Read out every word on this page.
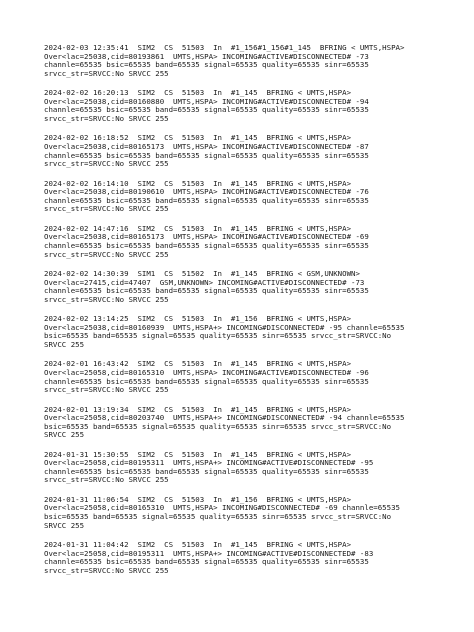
2024-02-03 12:35:41  SIM2  CS  51503  In  #1_156#1_156#1_145  BFRING < UMTS,HSPA>
Over<lac=25038,cid=80193861  UMTS,HSPA> INCOMING#ACTIVE#DISCONNECTED# -73
channle=65535 bsic=65535 band=65535 signal=65535 quality=65535 sinr=65535
srvcc_str=SRVCC:No SRVCC 255
2024-02-02 16:20:13  SIM2  CS  51503  In  #1_145  BFRING < UMTS,HSPA>
Over<lac=25038,cid=80160880  UMTS,HSPA> INCOMING#ACTIVE#DISCONNECTED# -94
channle=65535 bsic=65535 band=65535 signal=65535 quality=65535 sinr=65535
srvcc_str=SRVCC:No SRVCC 255
2024-02-02 16:18:52  SIM2  CS  51503  In  #1_145  BFRING < UMTS,HSPA>
Over<lac=25038,cid=80165173  UMTS,HSPA> INCOMING#ACTIVE#DISCONNECTED# -87
channle=65535 bsic=65535 band=65535 signal=65535 quality=65535 sinr=65535
srvcc_str=SRVCC:No SRVCC 255
2024-02-02 16:14:10  SIM2  CS  51503  In  #1_145  BFRING < UMTS,HSPA>
Over<lac=25038,cid=80190610  UMTS,HSPA> INCOMING#ACTIVE#DISCONNECTED# -76
channle=65535 bsic=65535 band=65535 signal=65535 quality=65535 sinr=65535
srvcc_str=SRVCC:No SRVCC 255
2024-02-02 14:47:16  SIM2  CS  51503  In  #1_145  BFRING < UMTS,HSPA>
Over<lac=25038,cid=80165173  UMTS,HSPA> INCOMING#ACTIVE#DISCONNECTED# -69
channle=65535 bsic=65535 band=65535 signal=65535 quality=65535 sinr=65535
srvcc_str=SRVCC:No SRVCC 255
2024-02-02 14:30:39  SIM1  CS  51502  In  #1_145  BFRING < GSM,UNKNOWN>
Over<lac=27415,cid=47407  GSM,UNKNOWN> INCOMING#ACTIVE#DISCONNECTED# -73
channle=65535 bsic=65535 band=65535 signal=65535 quality=65535 sinr=65535
srvcc_str=SRVCC:No SRVCC 255
2024-02-02 13:14:25  SIM2  CS  51503  In  #1_156  BFRING < UMTS,HSPA>
Over<lac=25038,cid=80160939  UMTS,HSPA+> INCOMING#DISCONNECTED# -95 channle=65535
bsic=65535 band=65535 signal=65535 quality=65535 sinr=65535 srvcc_str=SRVCC:No
SRVCC 255
2024-02-01 16:43:42  SIM2  CS  51503  In  #1_145  BFRING < UMTS,HSPA>
Over<lac=25058,cid=80165310  UMTS,HSPA> INCOMING#ACTIVE#DISCONNECTED# -96
channle=65535 bsic=65535 band=65535 signal=65535 quality=65535 sinr=65535
srvcc_str=SRVCC:No SRVCC 255
2024-02-01 13:19:34  SIM2  CS  51503  In  #1_145  BFRING < UMTS,HSPA>
Over<lac=25058,cid=80203740  UMTS,HSPA+> INCOMING#DISCONNECTED# -94 channle=65535
bsic=65535 band=65535 signal=65535 quality=65535 sinr=65535 srvcc_str=SRVCC:No
SRVCC 255
2024-01-31 15:30:55  SIM2  CS  51503  In  #1_145  BFRING < UMTS,HSPA>
Over<lac=25058,cid=80195311  UMTS,HSPA+> INCOMING#ACTIVE#DISCONNECTED# -95
channle=65535 bsic=65535 band=65535 signal=65535 quality=65535 sinr=65535
srvcc_str=SRVCC:No SRVCC 255
2024-01-31 11:06:54  SIM2  CS  51503  In  #1_156  BFRING < UMTS,HSPA>
Over<lac=25058,cid=80165310  UMTS,HSPA> INCOMING#DISCONNECTED# -69 channle=65535
bsic=65535 band=65535 signal=65535 quality=65535 sinr=65535 srvcc_str=SRVCC:No
SRVCC 255
2024-01-31 11:04:42  SIM2  CS  51503  In  #1_145  BFRING < UMTS,HSPA>
Over<lac=25058,cid=80195311  UMTS,HSPA+> INCOMING#ACTIVE#DISCONNECTED# -83
channle=65535 bsic=65535 band=65535 signal=65535 quality=65535 sinr=65535
srvcc_str=SRVCC:No SRVCC 255
